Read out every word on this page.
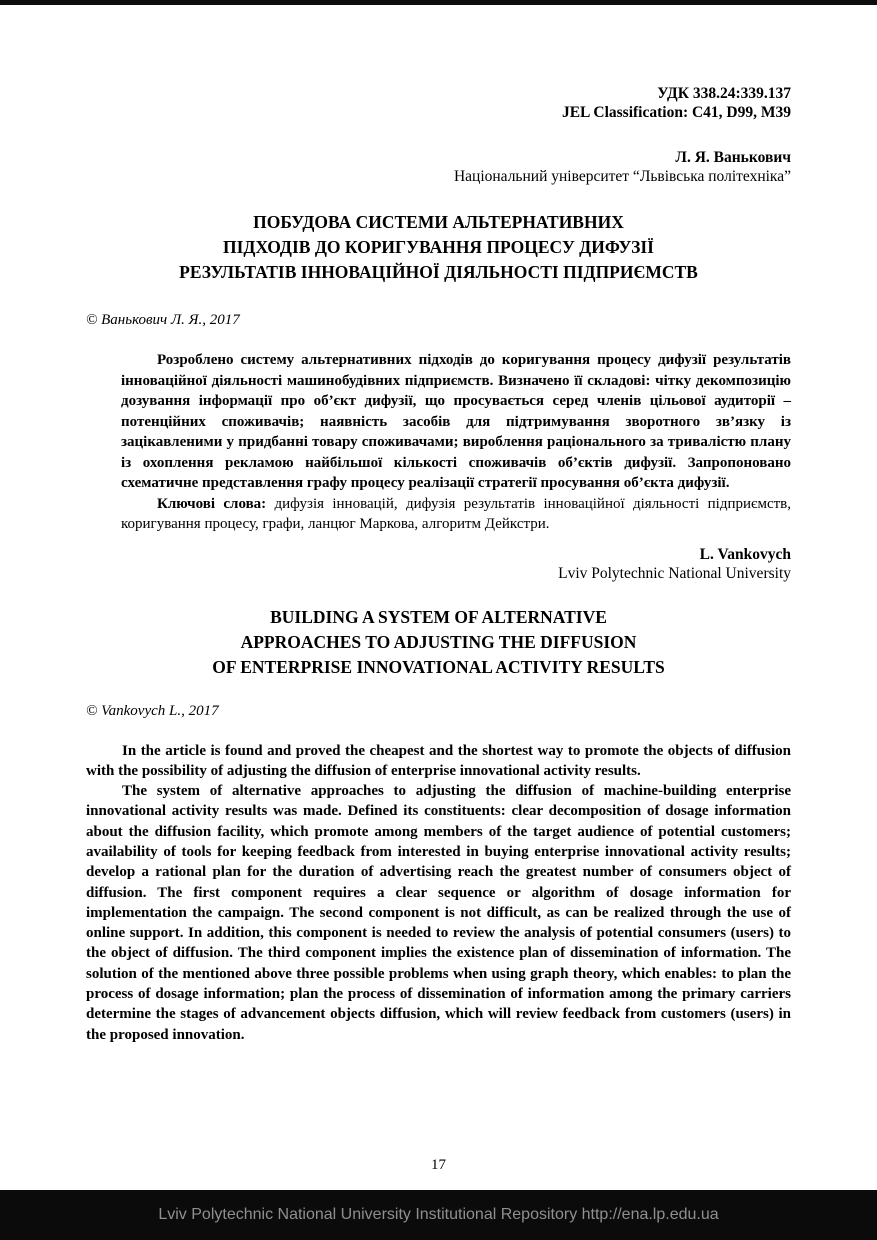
УДК 338.24:339.137
JEL Classification: C41, D99, M39
Л. Я. Ванькович
Національний університет “Львівська політехніка”
ПОБУДОВА СИСТЕМИ АЛЬТЕРНАТИВНИХ
ПІДХОДІВ ДО КОРИГУВАННЯ ПРОЦЕСУ ДИФУЗІЇ
РЕЗУЛЬТАТІВ ІННОВАЦІЙНОЇ ДІЯЛЬНОСТІ ПІДПРИЄМСТВ
© Ванькович Л. Я., 2017

Розроблено систему альтернативних підходів до коригування процесу дифузії результатів інноваційної діяльності машинобудівних підприємств. Визначено її складові: чітку декомпозицію дозування інформації про об’єкт дифузії, що просувається серед членів цільової аудиторії – потенційних споживачів; наявність засобів для підтримування зворотного зв’язку із зацікавленими у придбанні товару споживачами; вироблення раціонального за тривалістю плану із охоплення рекламою найбільшої кількості споживачів об’єктів дифузії. Запропоновано схематичне представлення графу процесу реалізації стратегії просування об’єкта дифузії.

Ключові слова: дифузія інновацій, дифузія результатів інноваційної діяльності підприємств, коригування процесу, графи, ланцюг Маркова, алгоритм Дейкстри.

L. Vankovych
Lviv Polytechnic National University
BUILDING A SYSTEM OF ALTERNATIVE
APPROACHES TO ADJUSTING THE DIFFUSION
OF ENTERPRISE INNOVATIONAL ACTIVITY RESULTS
© Vankovych L., 2017

In the article is found and proved the cheapest and the shortest way to promote the objects of diffusion with the possibility of adjusting the diffusion of enterprise innovational activity results.

The system of alternative approaches to adjusting the diffusion of machine-building enterprise innovational activity results was made. Defined its constituents: clear decomposition of dosage information about the diffusion facility, which promote among members of the target audience of potential customers; availability of tools for keeping feedback from interested in buying enterprise innovational activity results; develop a rational plan for the duration of advertising reach the greatest number of consumers object of diffusion. The first component requires a clear sequence or algorithm of dosage information for implementation the campaign. The second component is not difficult, as can be realized through the use of online support. In addition, this component is needed to review the analysis of potential consumers (users) to the object of diffusion. The third component implies the existence plan of dissemination of information. The solution of the mentioned above three possible problems when using graph theory, which enables: to plan the process of dosage information; plan the process of dissemination of information among the primary carriers determine the stages of advancement objects diffusion, which will review feedback from customers (users) in the proposed innovation.

17
Lviv Polytechnic National University Institutional Repository http://ena.lp.edu.ua
